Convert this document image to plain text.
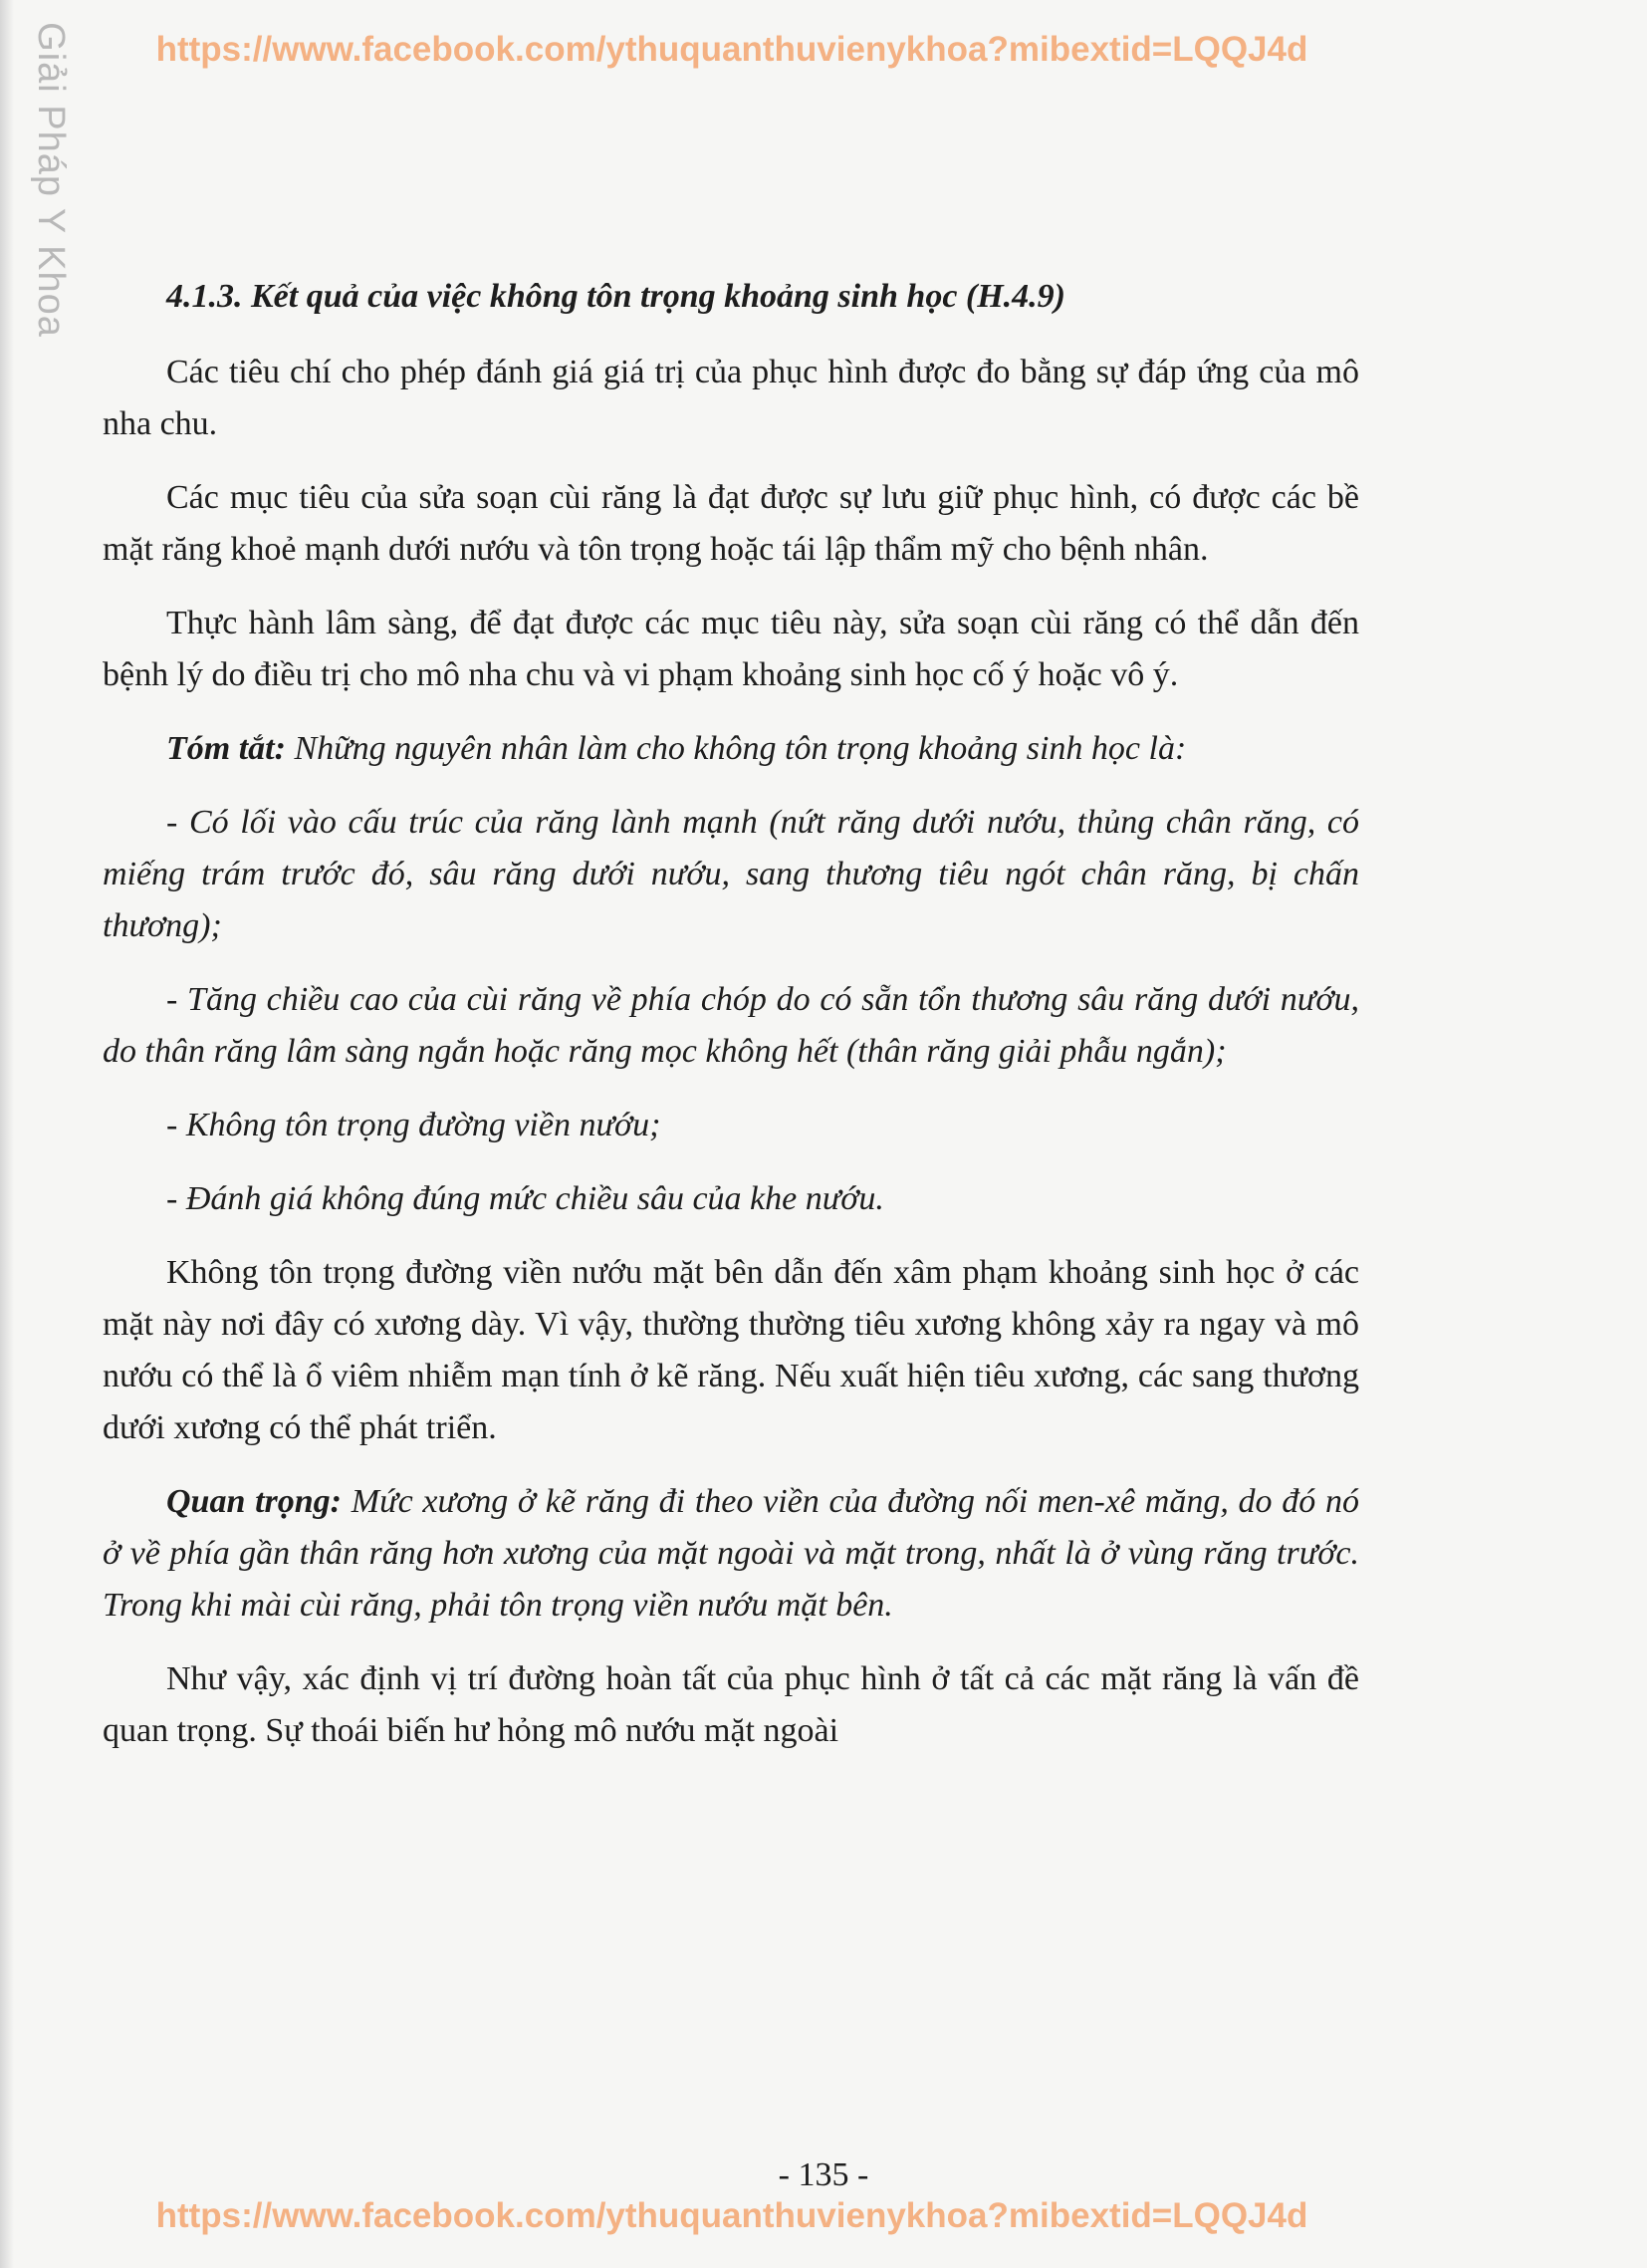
Giải Pháp Y Khoa	https://www.facebook.com/ythuquanthuvienykhoa?mibextid=LQQJ4d

4.1.3. Kết quả của việc không tôn trọng khoảng sinh học (H.4.9)

Các tiêu chí cho phép đánh giá giá trị của phục hình được đo bằng sự đáp ứng của mô nha chu.

Các mục tiêu của sửa soạn cùi răng là đạt được sự lưu giữ phục hình, có được các bề mặt răng khoẻ mạnh dưới nướu và tôn trọng hoặc tái lập thẩm mỹ cho bệnh nhân.

Thực hành lâm sàng, để đạt được các mục tiêu này, sửa soạn cùi răng có thể dẫn đến bệnh lý do điều trị cho mô nha chu và vi phạm khoảng sinh học cố ý hoặc vô ý.

Tóm tắt: Những nguyên nhân làm cho không tôn trọng khoảng sinh học là:

- Có lối vào cấu trúc của răng lành mạnh (nứt răng dưới nướu, thủng chân răng, có miếng trám trước đó, sâu răng dưới nướu, sang thương tiêu ngót chân răng, bị chấn thương);

- Tăng chiều cao của cùi răng về phía chóp do có sẵn tổn thương sâu răng dưới nướu, do thân răng lâm sàng ngắn hoặc răng mọc không hết (thân răng giải phẫu ngắn);

- Không tôn trọng đường viền nướu;

- Đánh giá không đúng mức chiều sâu của khe nướu.

Không tôn trọng đường viền nướu mặt bên dẫn đến xâm phạm khoảng sinh học ở các mặt này nơi đây có xương dày. Vì vậy, thường thường tiêu xương không xảy ra ngay và mô nướu có thể là ổ viêm nhiễm mạn tính ở kẽ răng. Nếu xuất hiện tiêu xương, các sang thương dưới xương có thể phát triển.

Quan trọng: Mức xương ở kẽ răng đi theo viền của đường nối men-xê măng, do đó nó ở về phía gần thân răng hơn xương của mặt ngoài và mặt trong, nhất là ở vùng răng trước. Trong khi mài cùi răng, phải tôn trọng viền nướu mặt bên.

Như vậy, xác định vị trí đường hoàn tất của phục hình ở tất cả các mặt răng là vấn đề quan trọng. Sự thoái biến hư hỏng mô nướu mặt ngoài

- 135 -
https://www.facebook.com/ythuquanthuvienykhoa?mibextid=LQQJ4d
